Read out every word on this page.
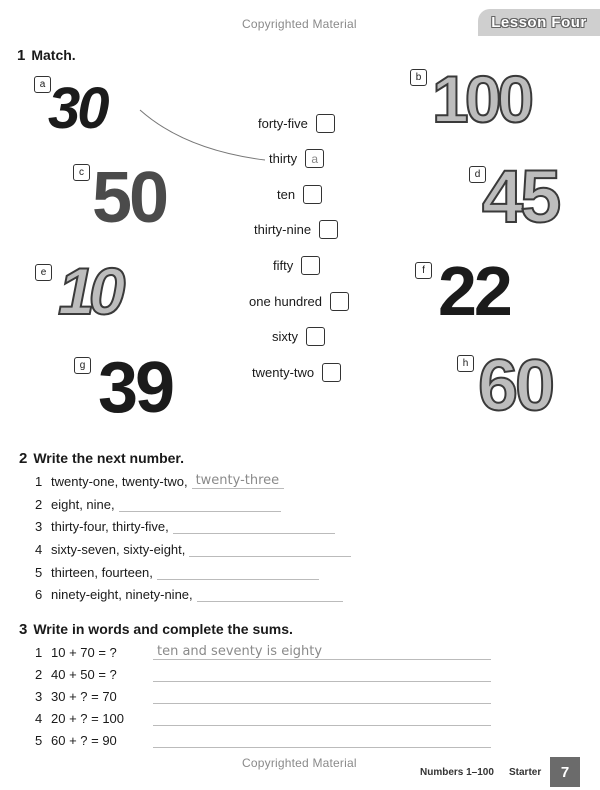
Copyrighted Material	Lesson Four
1 Match.
a 30	b 100
c 50	d 45
e 10	f 22
g 39	h 60
forty-five
thirty	a
ten
thirty-nine
fifty
one hundred
sixty
twenty-two
2 Write the next number.
1 twenty-one, twenty-two, twenty-three
2 eight, nine,
3 thirty-four, thirty-five,
4 sixty-seven, sixty-eight,
5 thirteen, fourteen,
6 ninety-eight, ninety-nine,
3 Write in words and complete the sums.
1 10 + 70 = ?	ten and seventy is eighty
2 40 + 50 = ?
3 30 + ? = 70
4 20 + ? = 100
5 60 + ? = 90
Copyrighted Material
Numbers 1–100 Starter	7
